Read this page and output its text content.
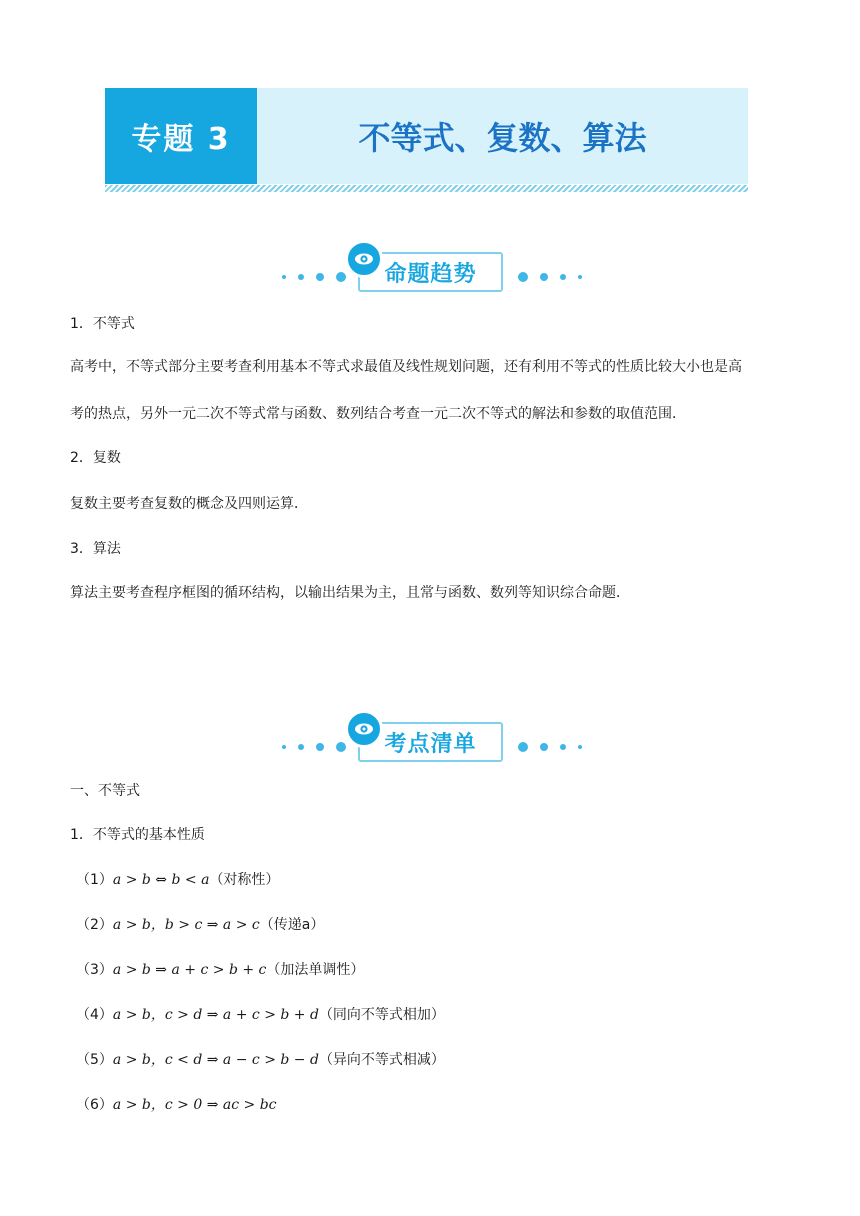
专题 3	不等式、复数、算法
命题趋势
1．不等式
高考中，不等式部分主要考查利用基本不等式求最值及线性规划问题，还有利用不等式的性质比较大小也是高
考的热点，另外一元二次不等式常与函数、数列结合考查一元二次不等式的解法和参数的取值范围．
2．复数
复数主要考查复数的概念及四则运算．
3．算法
算法主要考查程序框图的循环结构，以输出结果为主，且常与函数、数列等知识综合命题．
考点清单
一、不等式
1．不等式的基本性质
（1）a > b ⇔ b < a（对称性）
（2）a > b，b > c ⇒ a > c（传递a）
（3）a > b ⇒ a + c > b + c（加法单调性）
（4）a > b，c > d ⇒ a + c > b + d（同向不等式相加）
（5）a > b，c < d ⇒ a − c > b − d（异向不等式相减）
（6）a > b，c > 0 ⇒ ac > bc
